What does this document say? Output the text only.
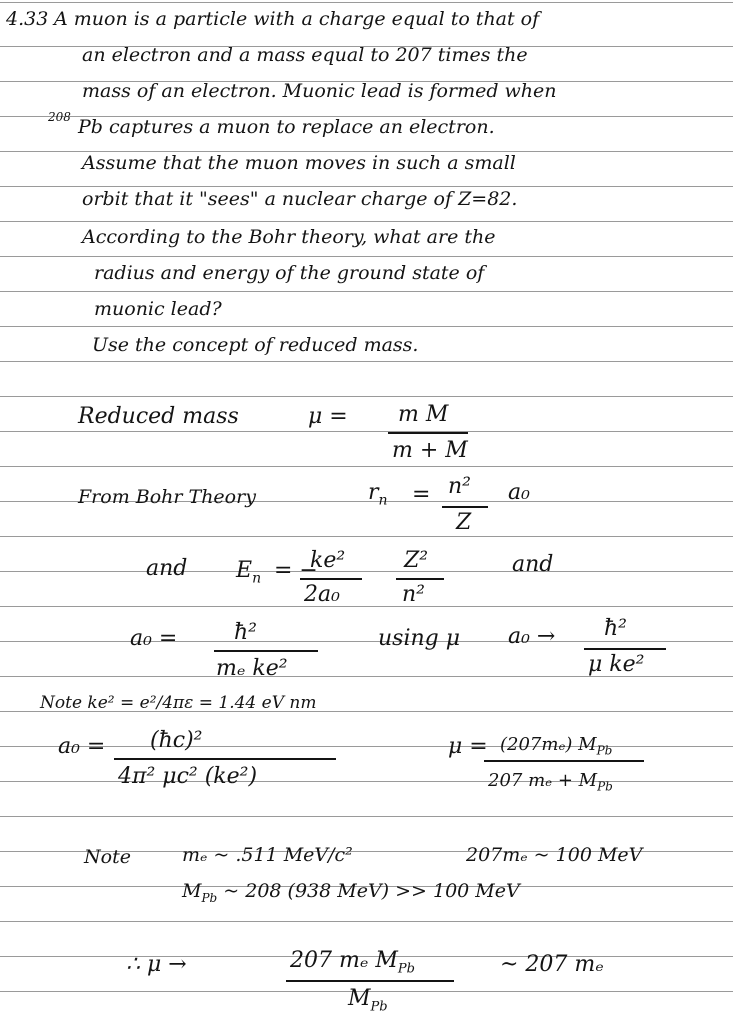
4.33 A muon is a particle with a charge equal to that of
an electron and a mass equal to 207 times the
mass of an electron. Muonic lead is formed when
208 Pb captures a muon to replace an electron.
Assume that the muon moves in such a small
orbit that it "sees" a nuclear charge of Z=82.
According to the Bohr theory, what are the
radius and energy of the ground state of
muonic lead?
Use the concept of reduced mass.
Reduced mass	μ = m M
m + M
From Bohr Theory	$r_n = n^2$
Z
a₀
and $E_n$ = −
ke²
2a₀
Z²
n²
and
a₀ =	ħ²
mₑ ke²
using μ a₀ → ħ²
μ ke²
Note ke² = e²/4πε = 1.44 eV nm
a₀ = (ħc)²
4π² μc² (ke²)
μ = (207mₑ) $M_{Pb}$
207 $m_e + M_{Pb}$
Note	mₑ ~ .511 MeV/c²	207mₑ ~ 100 MeV
$M_{Pb}$ ~ 208 (938 MeV) >> 100 MeV
∴ μ →	207 mₑ $M_{Pb}$
$M_{Pb}$
~ 207 mₑ
